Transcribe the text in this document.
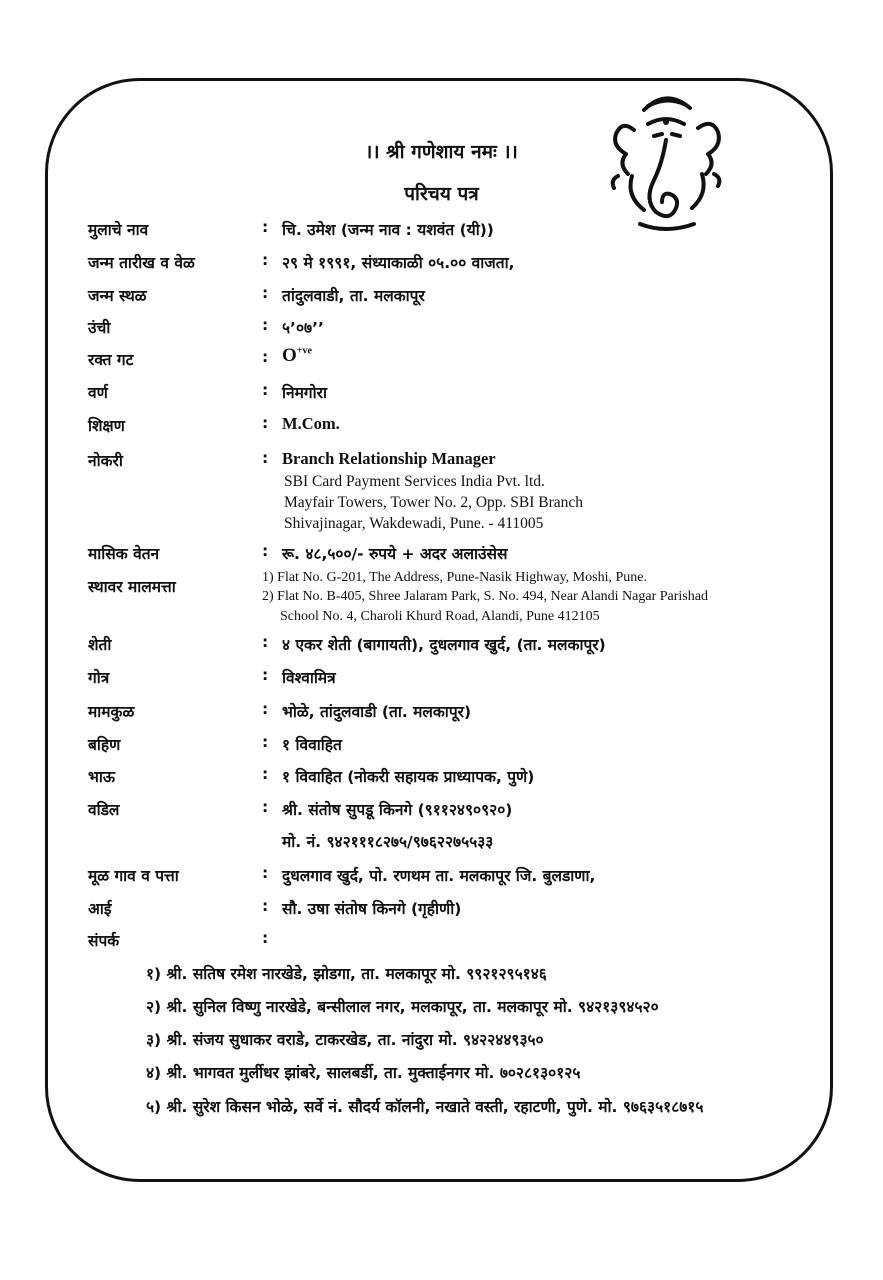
।। श्री गणेशाय नमः ।।
परिचय पत्र
मुलाचे नाव	: चि. उमेश (जन्म नाव : यशवंत (यी))
जन्म तारीख व वेळ	: २९ मे १९९१, संध्याकाळी ०५.०० वाजता,
जन्म स्थळ	: तांदुलवाडी, ता. मलकापूर
उंची	: ५’०७’’
रक्त गट	: $O^{+ve}$
वर्ण	: निमगोरा
शिक्षण	: M.Com.
नोकरी	: Branch Relationship Manager
SBI Card Payment Services India Pvt. ltd.
Mayfair Towers, Tower No. 2, Opp. SBI Branch
Shivajinagar, Wakdewadi, Pune. - 411005
मासिक वेतन	: रू. ४८,५००/- रुपये + अदर अलाउंसेस
स्थावर मालमत्ता
1) Flat No. G-201, The Address, Pune-Nasik Highway, Moshi, Pune.
2) Flat No. B-405, Shree Jalaram Park, S. No. 494, Near Alandi Nagar Parishad
School No. 4, Charoli Khurd Road, Alandi, Pune 412105
शेती	: ४ एकर शेती (बागायती), दुधलगाव खुर्द, (ता. मलकापूर)
गोत्र	: विश्वामित्र
मामकुळ	: भोळे, तांदुलवाडी (ता. मलकापूर)
बहिण	: १ विवाहित
भाऊ	: १ विवाहित (नोकरी सहायक प्राध्यापक, पुणे)
वडिल	: श्री. संतोष सुपडू किनगे (९११२४९०९२०)
मो. नं. ९४२१११८२७५/९७६२२७५५३३
मूळ गाव व पत्ता	: दुधलगाव खुर्द, पो. रणथम ता. मलकापूर जि. बुलडाणा,
आई	: सौ. उषा संतोष किनगे (गृहीणी)
संपर्क	:
१) श्री. सतिष रमेश नारखेडे, झोडगा, ता. मलकापूर मो. ९९२१२९५१४६
२) श्री. सुनिल विष्णु नारखेडे, बन्सीलाल नगर, मलकापूर, ता. मलकापूर मो. ९४२१३९४५२०
३) श्री. संजय सुधाकर वराडे, टाकरखेड, ता. नांदुरा मो. ९४२२४४९३५०
४) श्री. भागवत मुर्लीधर झांबरे, सालबर्डी, ता. मुक्ताईनगर मो. ७०२८१३०१२५
५) श्री. सुरेश किसन भोळे, सर्वे नं. सौदर्य कॉलनी, नखाते वस्ती, रहाटणी, पुणे. मो. ९७६३५१८७१५
